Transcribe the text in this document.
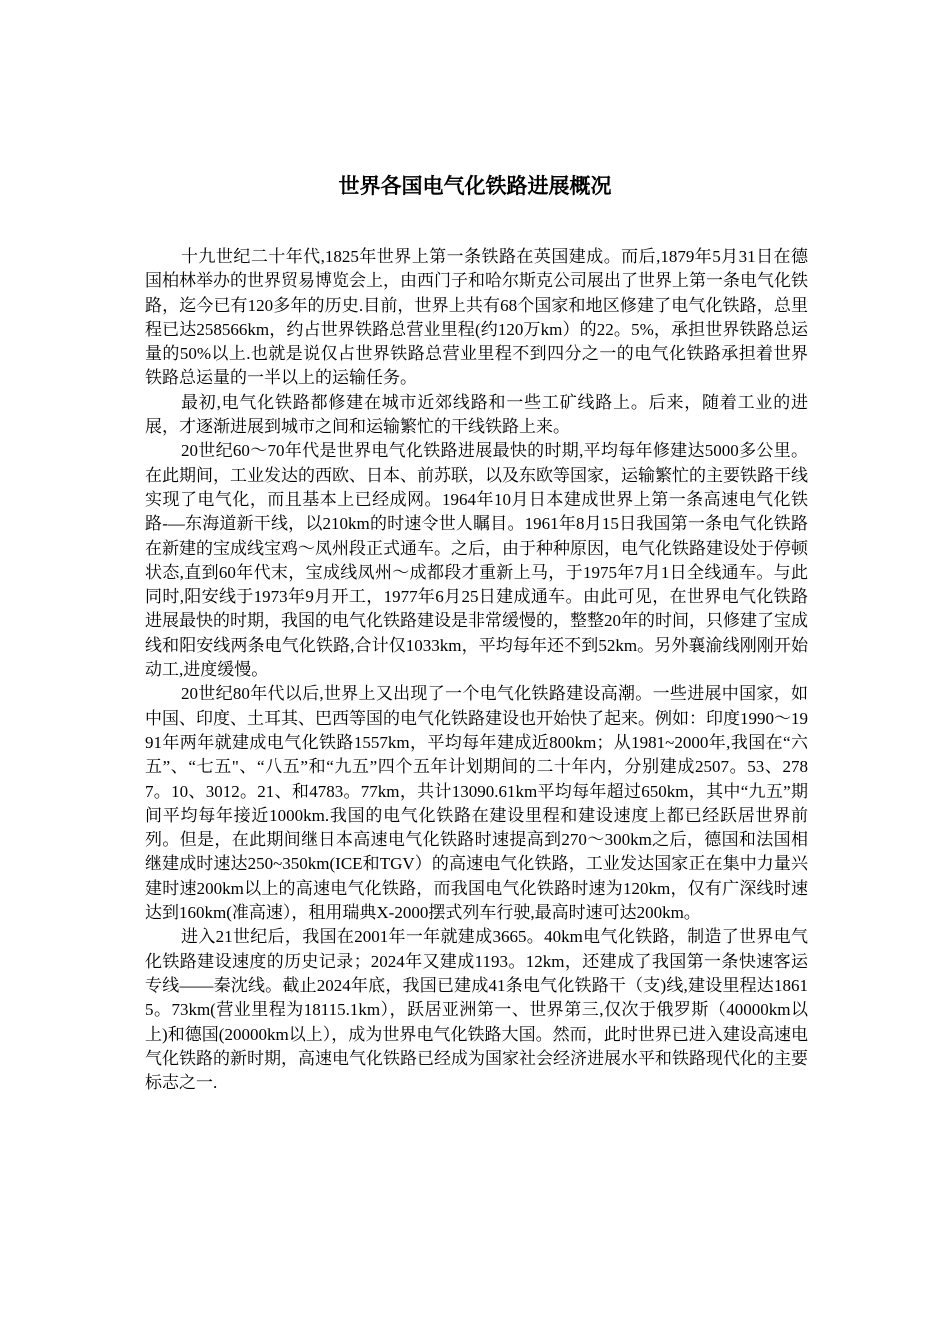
世界各国电气化铁路进展概况

十九世纪二十年代,1825年世界上第一条铁路在英国建成。而后,1879年5月31日在德国柏林举办的世界贸易博览会上，由西门子和哈尔斯克公司展出了世界上第一条电气化铁路，迄今已有120多年的历史.目前，世界上共有68个国家和地区修建了电气化铁路，总里程已达258566km，约占世界铁路总营业里程(约120万km）的22。5%，承担世界铁路总运量的50%以上.也就是说仅占世界铁路总营业里程不到四分之一的电气化铁路承担着世界铁路总运量的一半以上的运输任务。

最初,电气化铁路都修建在城市近郊线路和一些工矿线路上。后来，随着工业的进展，才逐渐进展到城市之间和运输繁忙的干线铁路上来。

20世纪60～70年代是世界电气化铁路进展最快的时期,平均每年修建达5000多公里。在此期间，工业发达的西欧、日本、前苏联，以及东欧等国家，运输繁忙的主要铁路干线实现了电气化，而且基本上已经成网。1964年10月日本建成世界上第一条高速电气化铁路-—东海道新干线，以210km的时速令世人瞩目。1961年8月15日我国第一条电气化铁路在新建的宝成线宝鸡～凤州段正式通车。之后，由于种种原因，电气化铁路建设处于停顿状态,直到60年代末，宝成线凤州～成都段才重新上马，于1975年7月1日全线通车。与此同时,阳安线于1973年9月开工，1977年6月25日建成通车。由此可见，在世界电气化铁路进展最快的时期，我国的电气化铁路建设是非常缓慢的，整整20年的时间，只修建了宝成线和阳安线两条电气化铁路,合计仅1033km，平均每年还不到52km。另外襄渝线刚刚开始动工,进度缓慢。

20世纪80年代以后,世界上又出现了一个电气化铁路建设高潮。一些进展中国家，如中国、印度、土耳其、巴西等国的电气化铁路建设也开始快了起来。例如：印度1990～1991年两年就建成电气化铁路1557km，平均每年建成近800km；从1981~2000年,我国在“六五”、“七五"、“八五”和“九五”四个五年计划期间的二十年内，分别建成2507。53、2787。10、3012。21、和4783。77km，共计13090.61km平均每年超过650km，其中“九五”期间平均每年接近1000km.我国的电气化铁路在建设里程和建设速度上都已经跃居世界前列。但是，在此期间继日本高速电气化铁路时速提高到270～300km之后，德国和法国相继建成时速达250~350km(ICE和TGV）的高速电气化铁路，工业发达国家正在集中力量兴建时速200km以上的高速电气化铁路，而我国电气化铁路时速为120km，仅有广深线时速达到160km(准高速），租用瑞典X-2000摆式列车行驶,最高时速可达200km。

进入21世纪后，我国在2001年一年就建成3665。40km电气化铁路，制造了世界电气化铁路建设速度的历史记录；2024年又建成1193。12km，还建成了我国第一条快速客运专线——秦沈线。截止2024年底，我国已建成41条电气化铁路干（支)线,建设里程达18615。73km(营业里程为18115.1km），跃居亚洲第一、世界第三,仅次于俄罗斯（40000km以上)和德国(20000km以上），成为世界电气化铁路大国。然而，此时世界已进入建设高速电气化铁路的新时期，高速电气化铁路已经成为国家社会经济进展水平和铁路现代化的主要标志之一.
